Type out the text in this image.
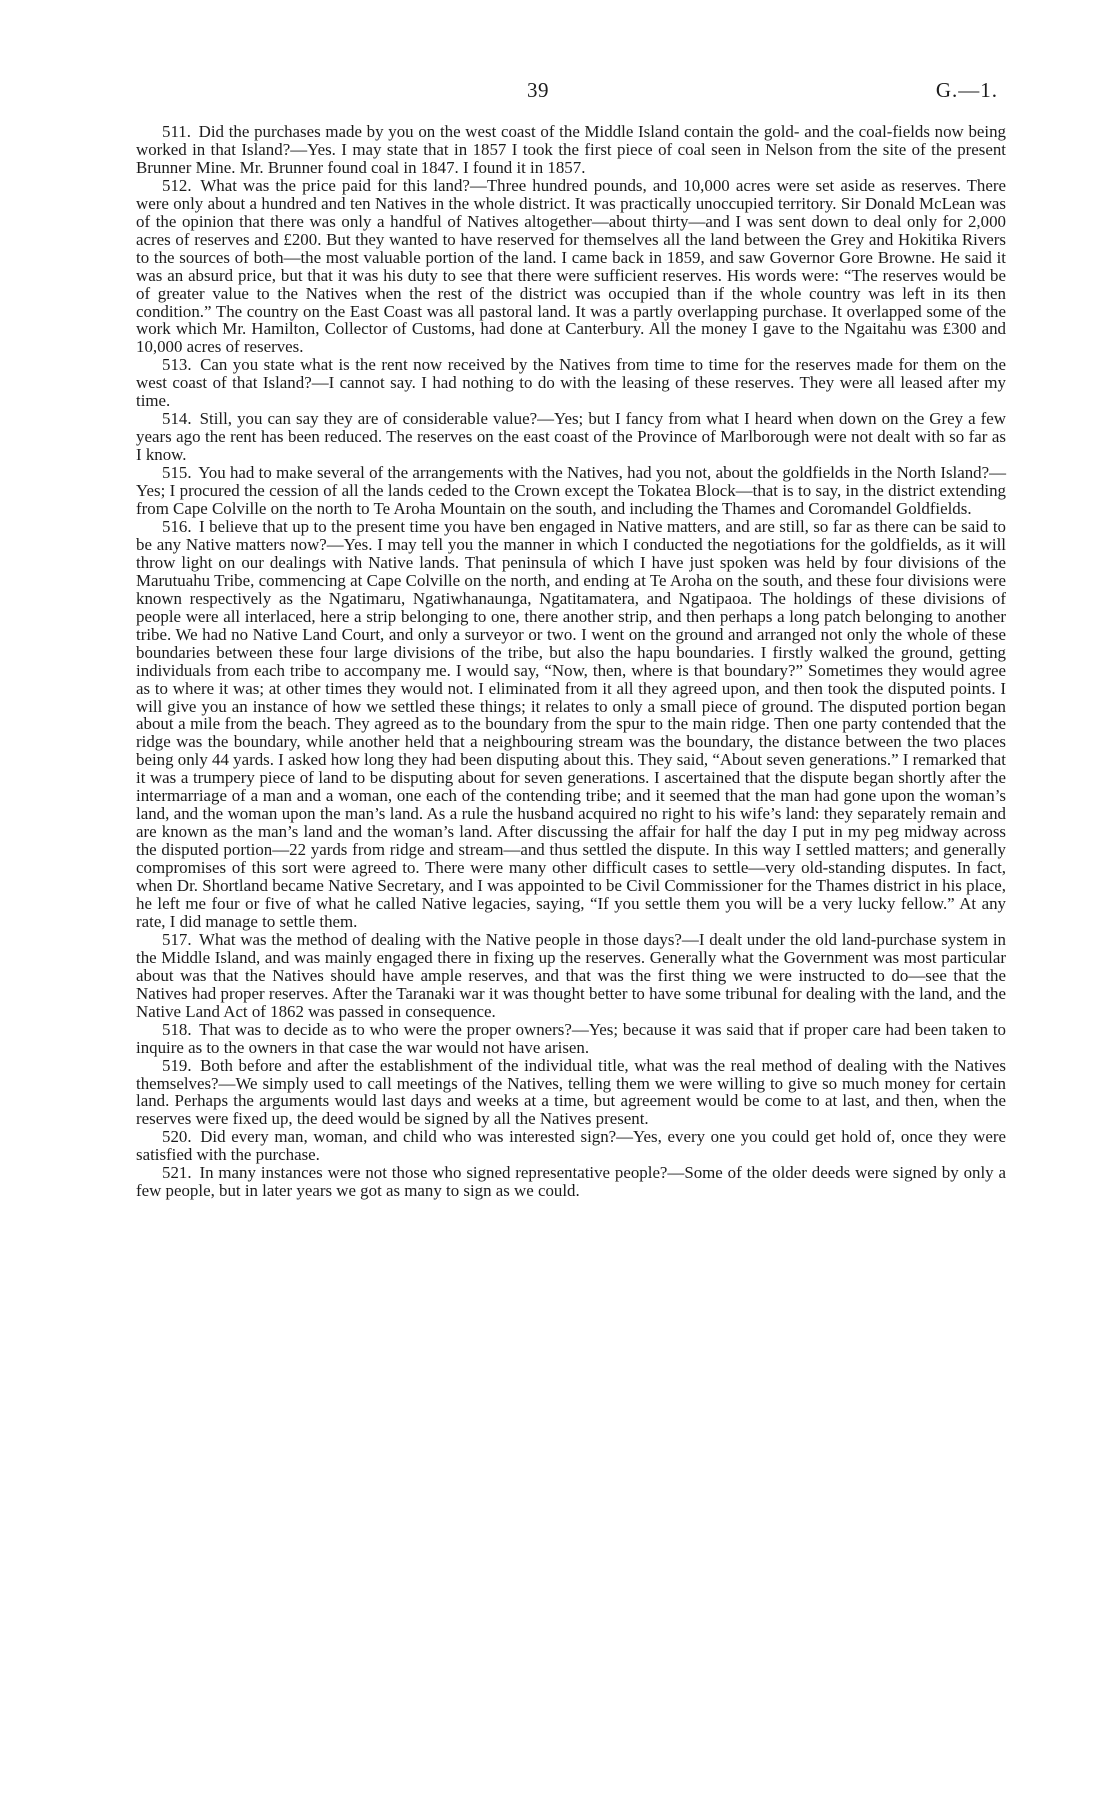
39	G.—1.

511. Did the purchases made by you on the west coast of the Middle Island contain the gold- and the coal-fields now being worked in that Island?—Yes. I may state that in 1857 I took the first piece of coal seen in Nelson from the site of the present Brunner Mine. Mr. Brunner found coal in 1847. I found it in 1857.

512. What was the price paid for this land?—Three hundred pounds, and 10,000 acres were set aside as reserves. There were only about a hundred and ten Natives in the whole district. It was practically unoccupied territory. Sir Donald McLean was of the opinion that there was only a handful of Natives altogether—about thirty—and I was sent down to deal only for 2,000 acres of reserves and £200. But they wanted to have reserved for themselves all the land between the Grey and Hokitika Rivers to the sources of both—the most valuable portion of the land. I came back in 1859, and saw Governor Gore Browne. He said it was an absurd price, but that it was his duty to see that there were sufficient reserves. His words were: “The reserves would be of greater value to the Natives when the rest of the district was occupied than if the whole country was left in its then condition.” The country on the East Coast was all pastoral land. It was a partly overlapping purchase. It overlapped some of the work which Mr. Hamilton, Collector of Customs, had done at Canterbury. All the money I gave to the Ngaitahu was £300 and 10,000 acres of reserves.

513. Can you state what is the rent now received by the Natives from time to time for the reserves made for them on the west coast of that Island?—I cannot say. I had nothing to do with the leasing of these reserves. They were all leased after my time.

514. Still, you can say they are of considerable value?—Yes; but I fancy from what I heard when down on the Grey a few years ago the rent has been reduced. The reserves on the east coast of the Province of Marlborough were not dealt with so far as I know.

515. You had to make several of the arrangements with the Natives, had you not, about the goldfields in the North Island?—Yes; I procured the cession of all the lands ceded to the Crown except the Tokatea Block—that is to say, in the district extending from Cape Colville on the north to Te Aroha Mountain on the south, and including the Thames and Coromandel Goldfields.

516. I believe that up to the present time you have ben engaged in Native matters, and are still, so far as there can be said to be any Native matters now?—Yes. I may tell you the manner in which I conducted the negotiations for the goldfields, as it will throw light on our dealings with Native lands. That peninsula of which I have just spoken was held by four divisions of the Marutuahu Tribe, commencing at Cape Colville on the north, and ending at Te Aroha on the south, and these four divisions were known respectively as the Ngatimaru, Ngatiwhanaunga, Ngatitamatera, and Ngatipaoa. The holdings of these divisions of people were all interlaced, here a strip belonging to one, there another strip, and then perhaps a long patch belonging to another tribe. We had no Native Land Court, and only a surveyor or two. I went on the ground and arranged not only the whole of these boundaries between these four large divisions of the tribe, but also the hapu boundaries. I firstly walked the ground, getting individuals from each tribe to accompany me. I would say, “Now, then, where is that boundary?” Sometimes they would agree as to where it was; at other times they would not. I eliminated from it all they agreed upon, and then took the disputed points. I will give you an instance of how we settled these things; it relates to only a small piece of ground. The disputed portion began about a mile from the beach. They agreed as to the boundary from the spur to the main ridge. Then one party contended that the ridge was the boundary, while another held that a neighbouring stream was the boundary, the distance between the two places being only 44 yards. I asked how long they had been disputing about this. They said, “About seven generations.” I remarked that it was a trumpery piece of land to be disputing about for seven generations. I ascertained that the dispute began shortly after the intermarriage of a man and a woman, one each of the contending tribe; and it seemed that the man had gone upon the woman’s land, and the woman upon the man’s land. As a rule the husband acquired no right to his wife’s land: they separately remain and are known as the man’s land and the woman’s land. After discussing the affair for half the day I put in my peg midway across the disputed portion—22 yards from ridge and stream—and thus settled the dispute. In this way I settled matters; and generally compromises of this sort were agreed to. There were many other difficult cases to settle—very old-standing disputes. In fact, when Dr. Shortland became Native Secretary, and I was appointed to be Civil Commissioner for the Thames district in his place, he left me four or five of what he called Native legacies, saying, “If you settle them you will be a very lucky fellow.” At any rate, I did manage to settle them.

517. What was the method of dealing with the Native people in those days?—I dealt under the old land-purchase system in the Middle Island, and was mainly engaged there in fixing up the reserves. Generally what the Government was most particular about was that the Natives should have ample reserves, and that was the first thing we were instructed to do—see that the Natives had proper reserves. After the Taranaki war it was thought better to have some tribunal for dealing with the land, and the Native Land Act of 1862 was passed in consequence.

518. That was to decide as to who were the proper owners?—Yes; because it was said that if proper care had been taken to inquire as to the owners in that case the war would not have arisen.

519. Both before and after the establishment of the individual title, what was the real method of dealing with the Natives themselves?—We simply used to call meetings of the Natives, telling them we were willing to give so much money for certain land. Perhaps the arguments would last days and weeks at a time, but agreement would be come to at last, and then, when the reserves were fixed up, the deed would be signed by all the Natives present.

520. Did every man, woman, and child who was interested sign?—Yes, every one you could get hold of, once they were satisfied with the purchase.

521. In many instances were not those who signed representative people?—Some of the older deeds were signed by only a few people, but in later years we got as many to sign as we could.
